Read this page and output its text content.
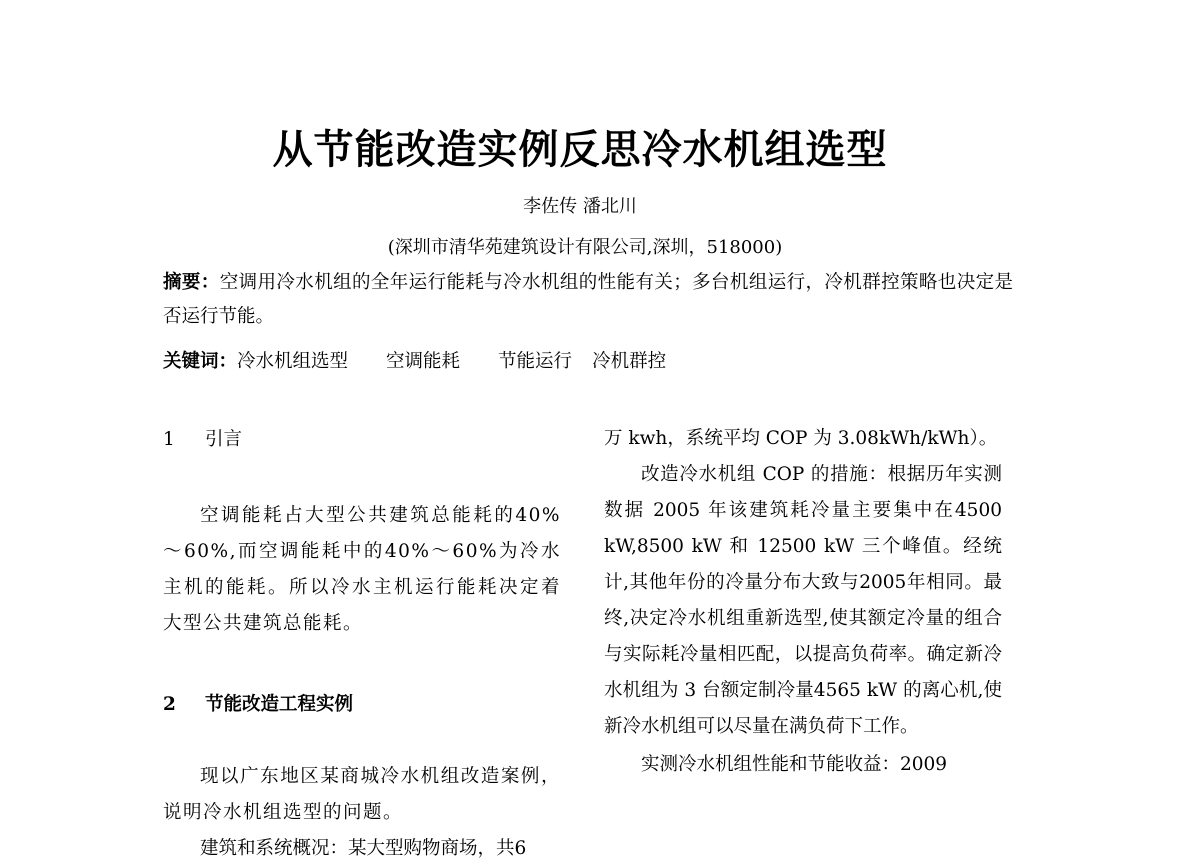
从节能改造实例反思冷水机组选型
李佐传 潘北川
(深圳市清华苑建筑设计有限公司,深圳，518000)

摘要：空调用冷水机组的全年运行能耗与冷水机组的性能有关；多台机组运行，冷机群控策略也决定是否运行节能。

关键词：冷水机组选型 空调能耗 节能运行 冷机群控
1 引言

空调能耗占大型公共建筑总能耗的40%～60%,而空调能耗中的40%～60%为冷水主机的能耗。所以冷水主机运行能耗决定着大型公共建筑总能耗。

2 节能改造工程实例

现以广东地区某商城冷水机组改造案例，说明冷水机组选型的问题。

建筑和系统概况：某大型购物商场，共6

万 kwh，系统平均 COP 为 3.08kWh/kWh）。

改造冷水机组 COP 的措施：根据历年实测数据 2005 年该建筑耗冷量主要集中在4500 kW,8500 kW 和 12500 kW 三个峰值。经统计,其他年份的冷量分布大致与2005年相同。最终,决定冷水机组重新选型,使其额定冷量的组合与实际耗冷量相匹配，以提高负荷率。确定新冷水机组为 3 台额定制冷量4565 kW 的离心机,使新冷水机组可以尽量在满负荷下工作。

实测冷水机组性能和节能收益：2009
